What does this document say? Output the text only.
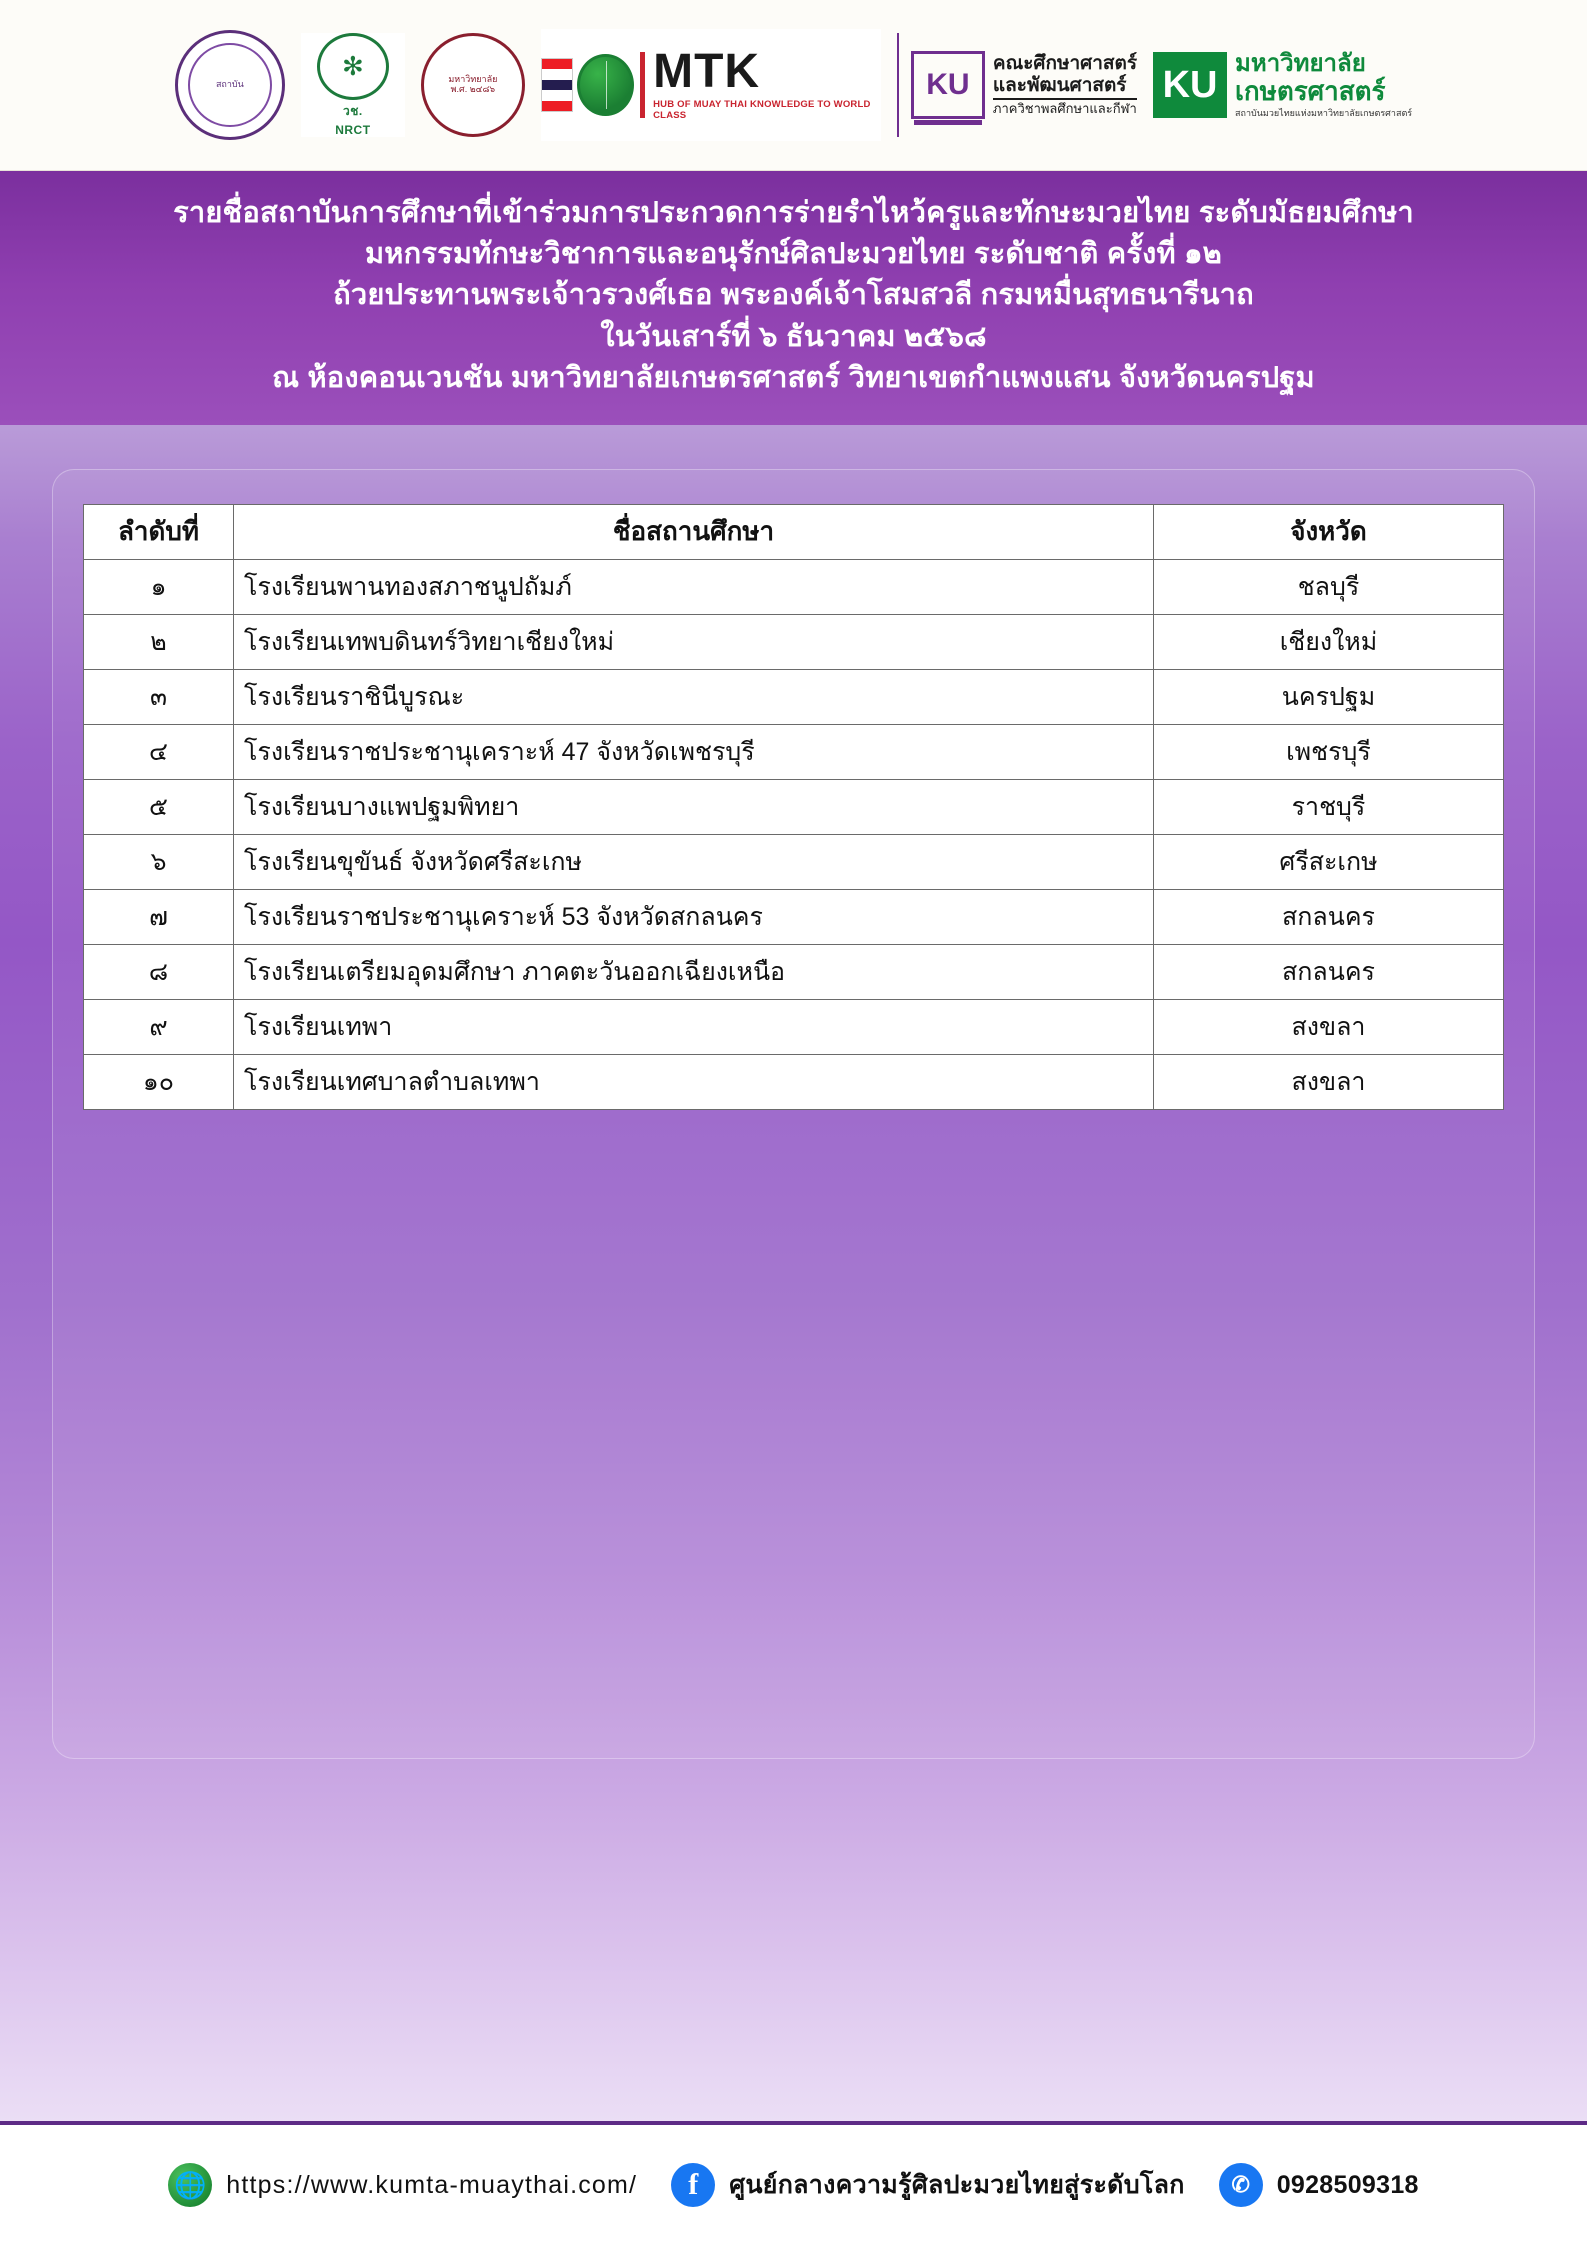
สถาบัน
✻
วช.
NRCT
มหาวิทยาลัย
พ.ศ. ๒๔๘๖	MTK
HUB OF MUAY THAI KNOWLEDGE TO WORLD CLASS
KU
คณะศึกษาศาสตร์
และพัฒนศาสตร์
ภาควิชาพลศึกษาและกีฬา
KU มหาวิทยาลัย
เกษตรศาสตร์
สถาบันมวยไทยแห่งมหาวิทยาลัยเกษตรศาสตร์
รายชื่อสถาบันการศึกษาที่เข้าร่วมการประกวดการร่ายรำไหว้ครูและทักษะมวยไทย ระดับมัธยมศึกษา
มหกรรมทักษะวิชาการและอนุรักษ์ศิลปะมวยไทย ระดับชาติ ครั้งที่ ๑๒
ถ้วยประทานพระเจ้าวรวงศ์เธอ พระองค์เจ้าโสมสวลี กรมหมื่นสุทธนารีนาถ
ในวันเสาร์ที่ ๖ ธันวาคม ๒๕๖๘
ณ ห้องคอนเวนชัน มหาวิทยาลัยเกษตรศาสตร์ วิทยาเขตกำแพงแสน จังหวัดนครปฐม
ลำดับที่	ชื่อสถานศึกษา	จังหวัด
๑	โรงเรียนพานทองสภาชนูปถัมภ์	ชลบุรี
๒	โรงเรียนเทพบดินทร์วิทยาเชียงใหม่	เชียงใหม่
๓	โรงเรียนราชินีบูรณะ	นครปฐม
๔	โรงเรียนราชประชานุเคราะห์ 47 จังหวัดเพชรบุรี	เพชรบุรี
๕	โรงเรียนบางแพปฐมพิทยา	ราชบุรี
๖	โรงเรียนขุขันธ์ จังหวัดศรีสะเกษ	ศรีสะเกษ
๗	โรงเรียนราชประชานุเคราะห์ 53 จังหวัดสกลนคร	สกลนคร
๘	โรงเรียนเตรียมอุดมศึกษา ภาคตะวันออกเฉียงเหนือ	สกลนคร
๙	โรงเรียนเทพา	สงขลา
๑๐	โรงเรียนเทศบาลตำบลเทพา	สงขลา
🌐 https://www.kumta-muaythai.com/	f	ศูนย์กลางความรู้ศิลปะมวยไทยสู่ระดับโลก	✆	0928509318
